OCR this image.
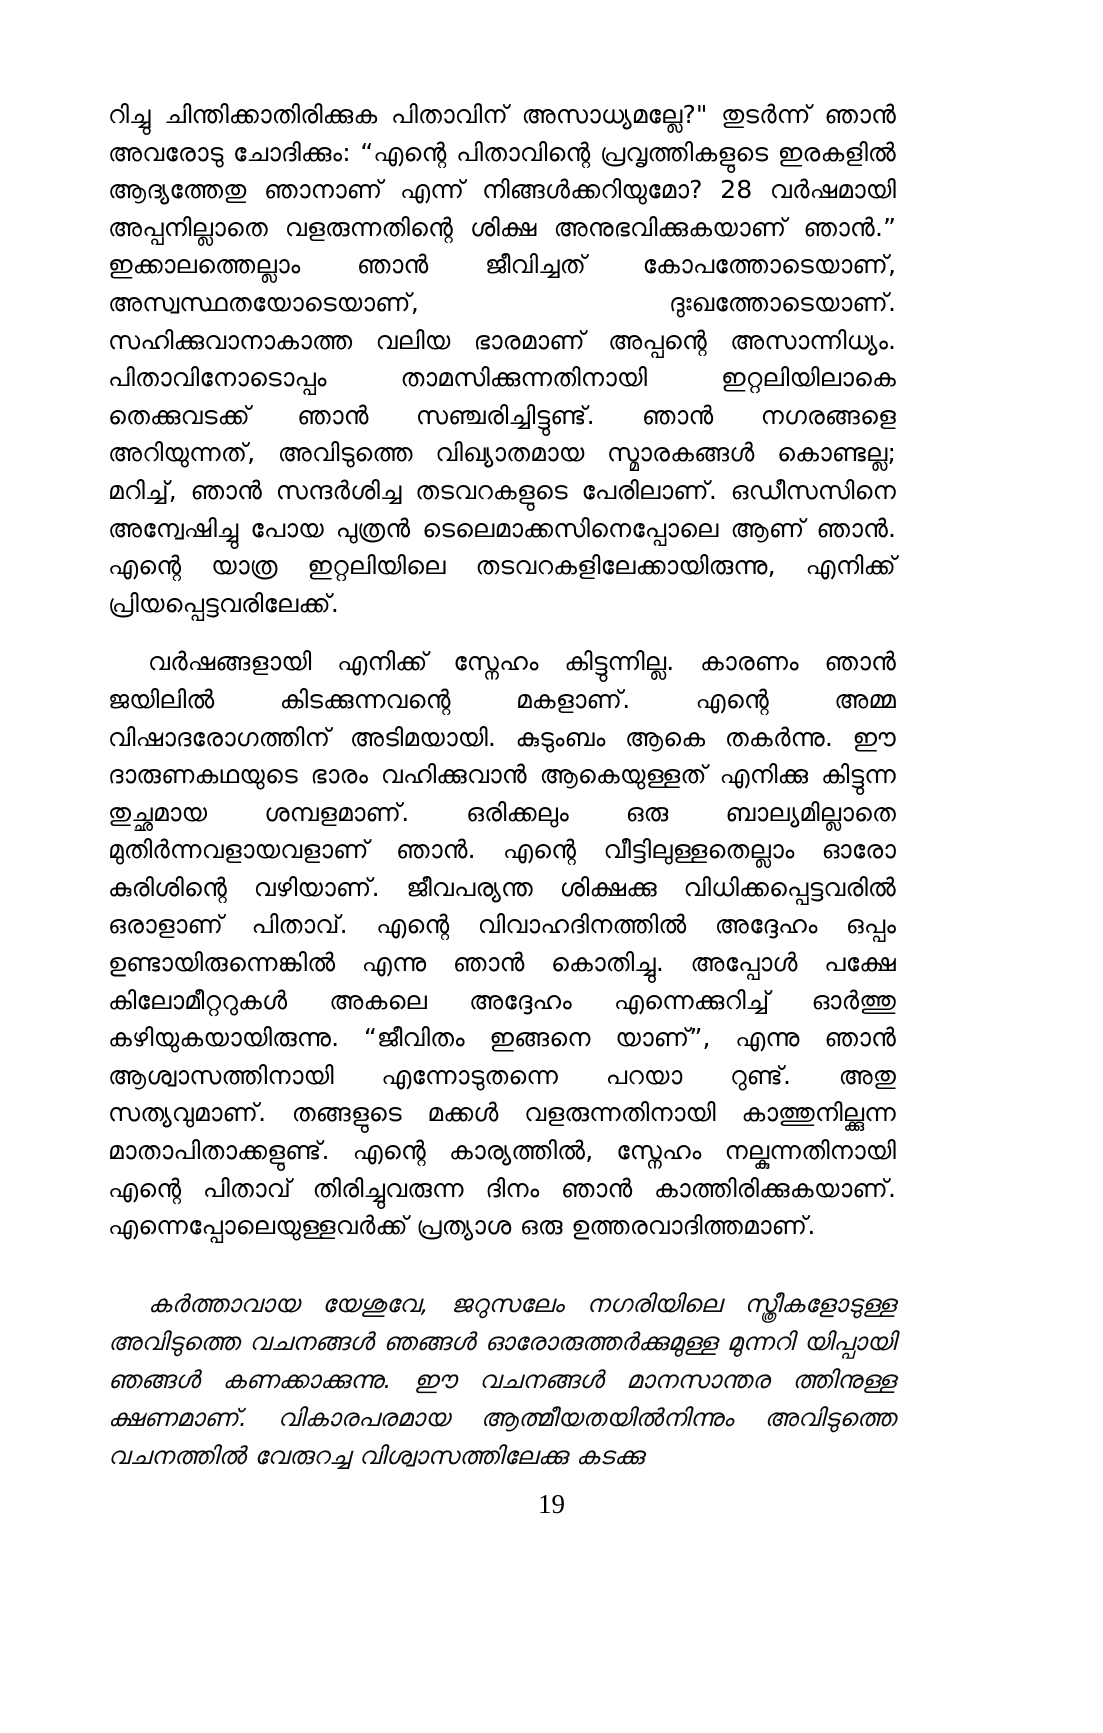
റിച്ചു ചിന്തിക്കാതിരിക്കുക പിതാവിന് അസാധ്യമല്ലേ?" തുടർന്ന് ഞാൻ അവരോടു ചോദിക്കും: “എന്റെ പിതാവിന്റെ പ്രവൃത്തികളുടെ ഇരകളിൽ ആദ്യത്തേതു ഞാനാണ് എന്ന് നിങ്ങൾക്കറിയുമോ? 28 വർഷമായി അപ്പനില്ലാതെ വളരുന്നതിന്റെ ശിക്ഷ അനുഭവിക്കുകയാണ് ഞാൻ.” ഇക്കാലത്തെല്ലാം ഞാൻ ജീവിച്ചത് കോപത്തോടെയാണ്, അസ്വസ്ഥതയോടെയാണ്, ദുഃഖത്തോടെയാണ്. സഹിക്കുവാനാകാത്ത വലിയ ഭാരമാണ് അപ്പന്റെ അസാന്നിധ്യം. പിതാവിനോടൊപ്പം താമസിക്കുന്നതിനായി ഇറ്റലിയിലാകെ തെക്കുവടക്ക് ഞാൻ സഞ്ചരിച്ചിട്ടുണ്ട്. ഞാൻ നഗരങ്ങളെ അറിയുന്നത്, അവിടുത്തെ വിഖ്യാതമായ സ്മാരകങ്ങൾ കൊണ്ടല്ല; മറിച്ച്, ഞാൻ സന്ദർശിച്ച തടവറകളുടെ പേരിലാണ്. ഒഡീസസിനെ അന്വേഷിച്ചു പോയ പുത്രൻ ടെലെമാക്കസിനെപ്പോലെ ആണ് ഞാൻ. എന്റെ യാത്ര ഇറ്റലിയിലെ തടവറകളിലേക്കായിരുന്നു, എനിക്ക് പ്രിയപ്പെട്ടവരിലേക്ക്.

വർഷങ്ങളായി എനിക്ക് സ്നേഹം കിട്ടുന്നില്ല. കാരണം ഞാൻ ജയിലിൽ കിടക്കുന്നവന്റെ മകളാണ്. എന്റെ അമ്മ വിഷാദരോഗത്തിന് അടിമയായി. കുടുംബം ആകെ തകർന്നു. ഈ ദാരുണകഥയുടെ ഭാരം വഹിക്കുവാൻ ആകെയുള്ളത് എനിക്കു കിട്ടുന്ന തുച്ഛമായ ശമ്പളമാണ്. ഒരിക്കലും ഒരു ബാല്യമില്ലാതെ മുതിർന്നവളായവളാണ് ഞാൻ. എന്റെ വീട്ടിലുള്ളതെല്ലാം ഓരോ കുരിശിന്റെ വഴിയാണ്. ജീവപര്യന്ത ശിക്ഷക്കു വിധിക്കപ്പെട്ടവരിൽ ഒരാളാണ് പിതാവ്. എന്റെ വിവാഹദിനത്തിൽ അദ്ദേഹം ഒപ്പം ഉണ്ടായിരുന്നെങ്കിൽ എന്നു ഞാൻ കൊതിച്ചു. അപ്പോൾ പക്ഷേ കിലോമീറ്ററുകൾ അകലെ അദ്ദേഹം എന്നെക്കുറിച്ച് ഓർത്തു കഴിയുകയായിരുന്നു. “ജീവിതം ഇങ്ങനെ യാണ്”, എന്നു ഞാൻ ആശ്വാസത്തിനായി എന്നോടുതന്നെ പറയാ റുണ്ട്. അതു സത്യവുമാണ്. തങ്ങളുടെ മക്കൾ വളരുന്നതിനായി കാത്തുനില്ക്കുന്ന മാതാപിതാക്കളുണ്ട്. എന്റെ കാര്യത്തിൽ, സ്നേഹം നല്കുന്നതിനായി എന്റെ പിതാവ് തിരിച്ചുവരുന്ന ദിനം ഞാൻ കാത്തിരിക്കുകയാണ്. എന്നെപ്പോലെയുള്ളവർക്ക് പ്രത്യാശ ഒരു ഉത്തരവാദിത്തമാണ്.

കർത്താവായ യേശുവേ, ജറുസലേം നഗരിയിലെ സ്ത്രീകളോടുള്ള അവിടുത്തെ വചനങ്ങൾ ഞങ്ങൾ ഓരോരുത്തർക്കുമുള്ള മുന്നറി യിപ്പായി ഞങ്ങൾ കണക്കാക്കുന്നു. ഈ വചനങ്ങൾ മാനസാന്തര ത്തിനുള്ള ക്ഷണമാണ്. വികാരപരമായ ആത്മീയതയിൽനിന്നും അവിടുത്തെ വചനത്തിൽ വേരുറച്ച വിശ്വാസത്തിലേക്കു കടക്കു

19
